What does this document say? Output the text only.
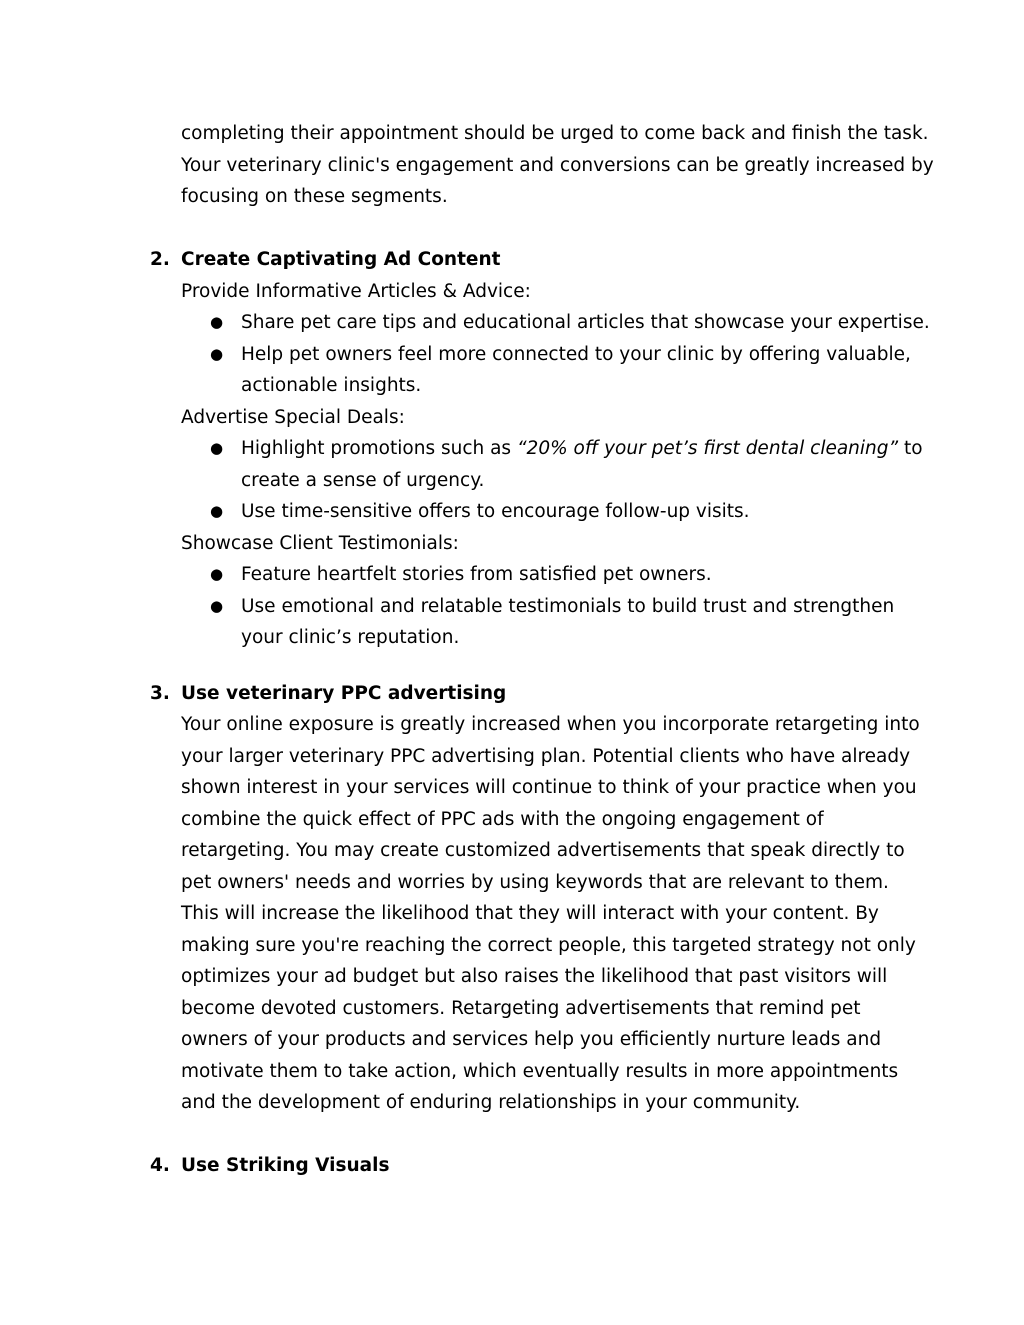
completing their appointment should be urged to come back and finish the task.
Your veterinary clinic's engagement and conversions can be greatly increased by
focusing on these segments.
2. Create Captivating Ad Content
Provide Informative Articles & Advice:
● Share pet care tips and educational articles that showcase your expertise.
● Help pet owners feel more connected to your clinic by offering valuable,
actionable insights.
Advertise Special Deals:
● Highlight promotions such as “20% off your pet’s first dental cleaning” to
create a sense of urgency.
● Use time-sensitive offers to encourage follow-up visits.
Showcase Client Testimonials:
● Feature heartfelt stories from satisfied pet owners.
● Use emotional and relatable testimonials to build trust and strengthen
your clinic’s reputation.
3. Use veterinary PPC advertising
Your online exposure is greatly increased when you incorporate retargeting into
your larger veterinary PPC advertising plan. Potential clients who have already
shown interest in your services will continue to think of your practice when you
combine the quick effect of PPC ads with the ongoing engagement of
retargeting. You may create customized advertisements that speak directly to
pet owners' needs and worries by using keywords that are relevant to them.
This will increase the likelihood that they will interact with your content. By
making sure you're reaching the correct people, this targeted strategy not only
optimizes your ad budget but also raises the likelihood that past visitors will
become devoted customers. Retargeting advertisements that remind pet
owners of your products and services help you efficiently nurture leads and
motivate them to take action, which eventually results in more appointments
and the development of enduring relationships in your community.
4. Use Striking Visuals
